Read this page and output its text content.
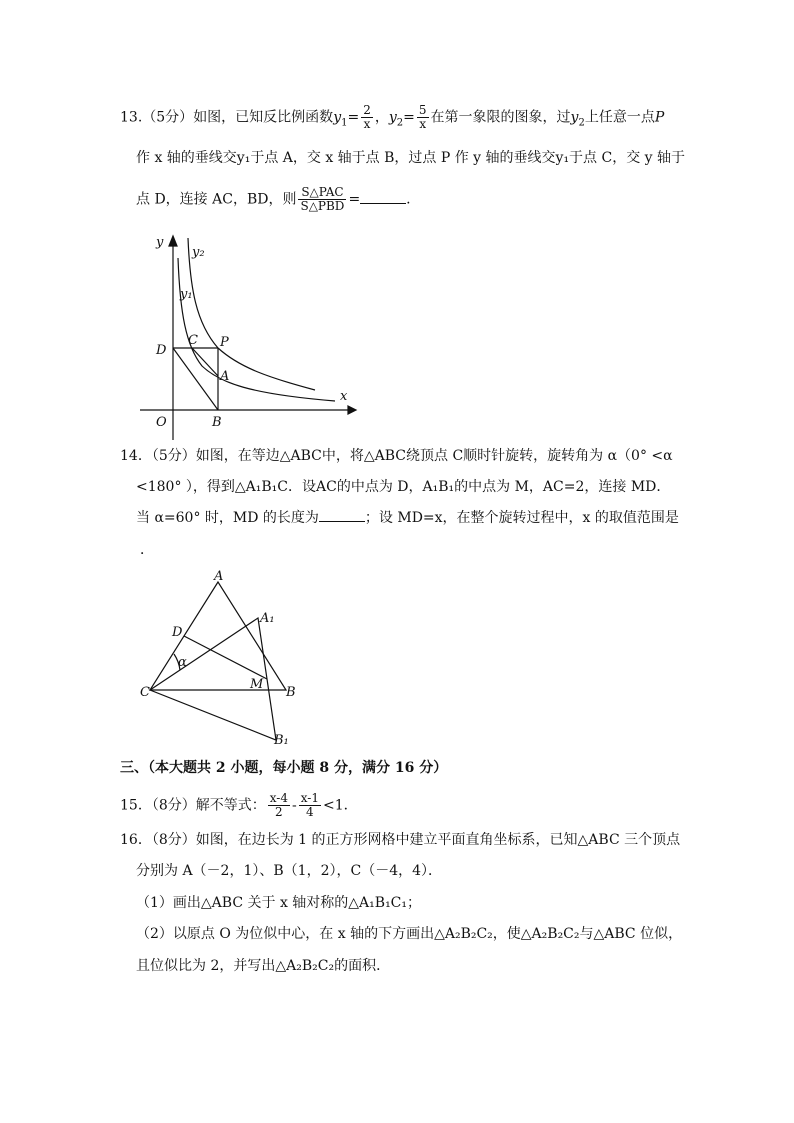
13.（5分）如图，已知反比例函数$y_1= \frac{2}{x}$ ，$y_2= \frac{5}{x}$ 在第一象限的图象，过$y_2$上任意一点P
作 x 轴的垂线交y₁于点 A，交 x 轴于点 B，过点 P 作 y 轴的垂线交y₁于点 C，交 y 轴于
点 D，连接 AC，BD，则 $\frac{\text{S△PAC}}{\text{S△PBD}}$ =	.
y
y₂
y₁
C P
D
A
O	B
x
14．（5分）如图，在等边△ABC中，将△ABC绕顶点 C顺时针旋转，旋转角为 α（0° <α
<180° ），得到△A₁B₁C．设AC的中点为 D，A₁B₁的中点为 M，AC=2，连接 MD．
当 α=60° 时，MD 的长度为	；设 MD=x，在整个旋转过程中，x 的取值范围是
．
A
A₁
D
α
C
M
B
B₁
三、（本大题共 2 小题，每小题 8 分，满分 16 分）
15．（8分）解不等式： $\frac{x-4}{2} - \frac{x-1}{4} <1$．
16．（8分）如图，在边长为 1 的正方形网格中建立平面直角坐标系，已知△ABC 三个顶点
分别为 A（－2，1）、B（1，2），C（－4，4）．
（1）画出△ABC 关于 x 轴对称的△A₁B₁C₁；
（2）以原点 O 为位似中心，在 x 轴的下方画出△A₂B₂C₂，使△A₂B₂C₂与△ABC 位似，
且位似比为 2，并写出△A₂B₂C₂的面积．
